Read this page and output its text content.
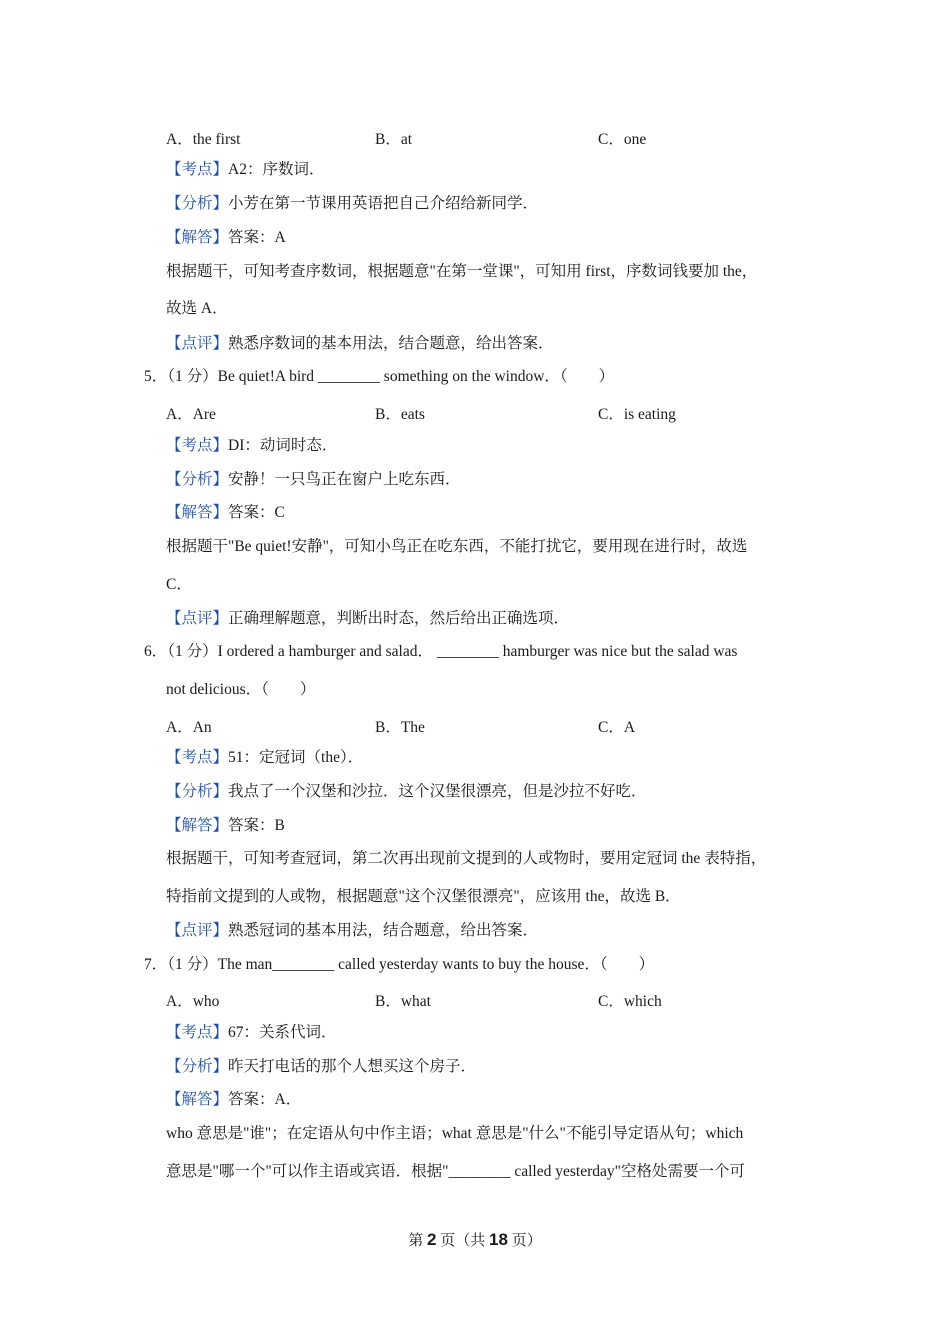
A．the first	B．at	C．one
【考点】A2：序数词．
【分析】小芳在第一节课用英语把自己介绍给新同学．
【解答】答案：A
根据题干，可知考查序数词，根据题意"在第一堂课"，可知用 first，序数词钱要加 the，
故选 A．
【点评】熟悉序数词的基本用法，结合题意，给出答案．
5．（1 分）Be quiet!A bird ________ something on the window．（　　）
A．Are	B．eats	C．is eating
【考点】DI：动词时态．
【分析】安静！一只鸟正在窗户上吃东西．
【解答】答案：C
根据题干"Be quiet!安静"，可知小鸟正在吃东西，不能打扰它，要用现在进行时，故选
C．
【点评】正确理解题意，判断出时态，然后给出正确选项．
6．（1 分）I ordered a hamburger and salad． ________ hamburger was nice but the salad was
not delicious．（　　）
A．An	B．The	C．A
【考点】51：定冠词（the）．
【分析】我点了一个汉堡和沙拉．这个汉堡很漂亮，但是沙拉不好吃．
【解答】答案：B
根据题干，可知考查冠词，第二次再出现前文提到的人或物时，要用定冠词 the 表特指，
特指前文提到的人或物，根据题意"这个汉堡很漂亮"，应该用 the，故选 B．
【点评】熟悉冠词的基本用法，结合题意，给出答案．
7．（1 分）The man________ called yesterday wants to buy the house．（　　）
A．who	B．what	C．which
【考点】67：关系代词．
【分析】昨天打电话的那个人想买这个房子．
【解答】答案：A．
who 意思是"谁"；在定语从句中作主语；what 意思是"什么"不能引导定语从句；which
意思是"哪一个"可以作主语或宾语．根据"________ called yesterday"空格处需要一个可
第 2 页（共 18 页）
